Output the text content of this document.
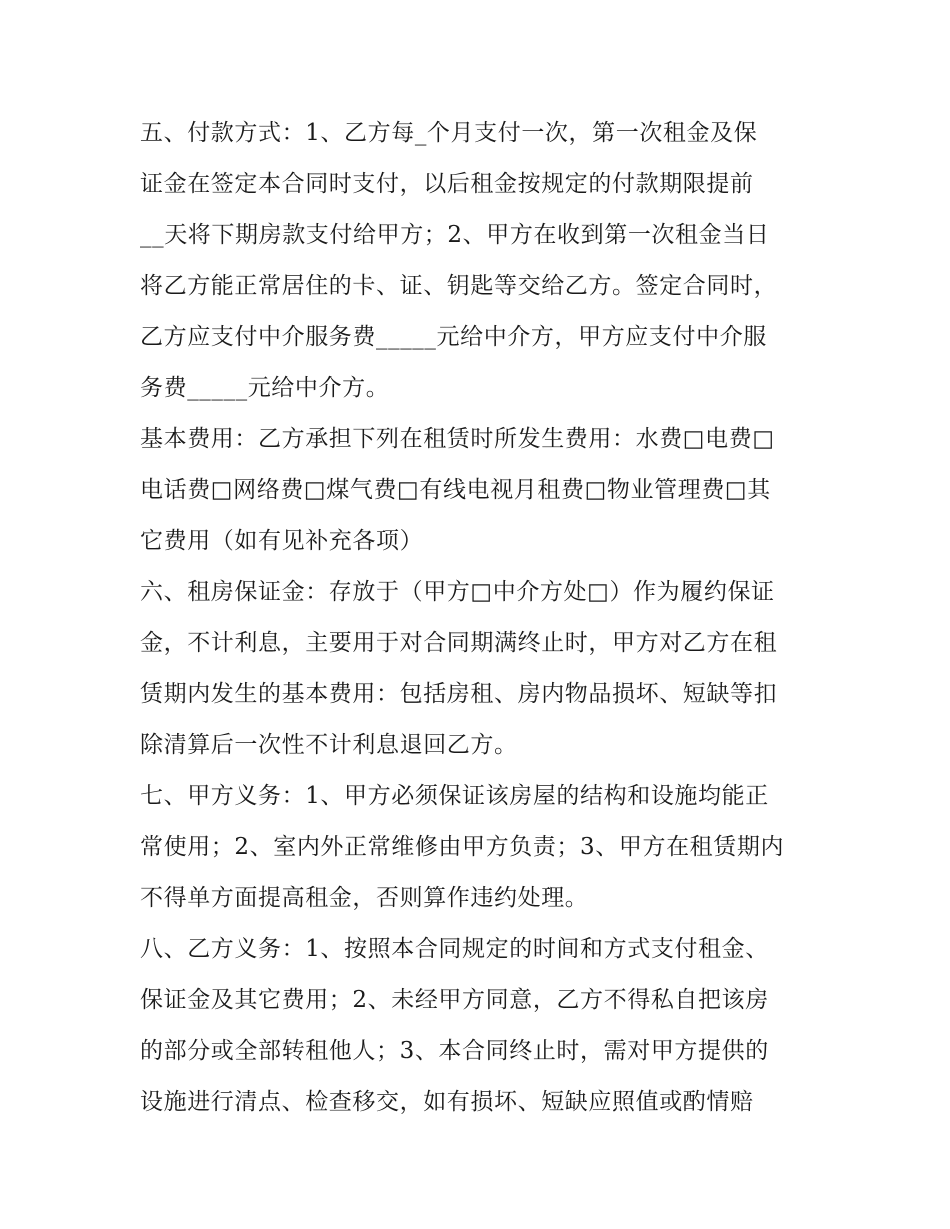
五、付款方式：1、乙方每_个月支付一次，第一次租金及保
证金在签定本合同时支付，以后租金按规定的付款期限提前
__天将下期房款支付给甲方；2、甲方在收到第一次租金当日
将乙方能正常居住的卡、证、钥匙等交给乙方。签定合同时，
乙方应支付中介服务费_____元给中介方，甲方应支付中介服
务费_____元给中介方。
基本费用：乙方承担下列在租赁时所发生费用：水费□电费□
电话费□网络费□煤气费□有线电视月租费□物业管理费□其
它费用（如有见补充各项）
六、租房保证金：存放于（甲方□中介方处□）作为履约保证
金，不计利息，主要用于对合同期满终止时，甲方对乙方在租
赁期内发生的基本费用：包括房租、房内物品损坏、短缺等扣
除清算后一次性不计利息退回乙方。
七、甲方义务：1、甲方必须保证该房屋的结构和设施均能正
常使用；2、室内外正常维修由甲方负责；3、甲方在租赁期内
不得单方面提高租金，否则算作违约处理。
八、乙方义务：1、按照本合同规定的时间和方式支付租金、
保证金及其它费用；2、未经甲方同意，乙方不得私自把该房
的部分或全部转租他人；3、本合同终止时，需对甲方提供的
设施进行清点、检查移交，如有损坏、短缺应照值或酌情赔
